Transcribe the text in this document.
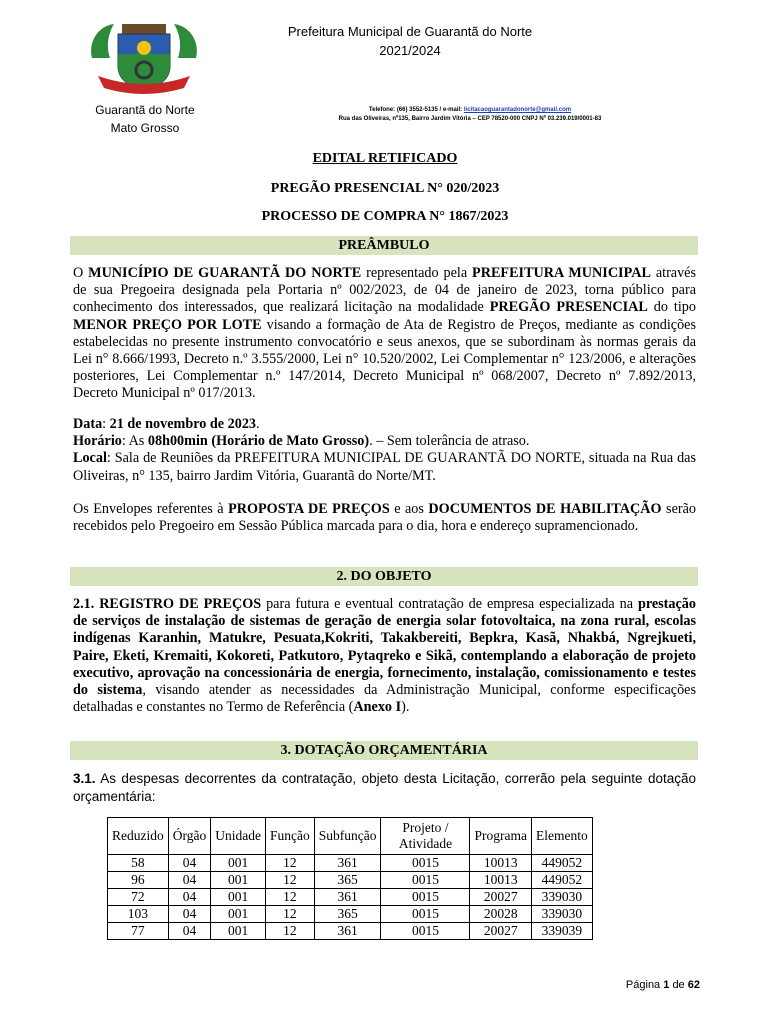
Prefeitura Municipal de Guarantã do Norte
2021/2024
Guarantã do Norte
Mato Grosso
Telefone: (66) 3552-5135 / e-mail: licitacaoguarantadonorte@gmail.com
Rua das Oliveiras, nº135, Bairro Jardim Vitória – CEP 78520-000 CNPJ Nº 03.239.019/0001-83
EDITAL RETIFICADO
PREGÃO PRESENCIAL N° 020/2023
PROCESSO DE COMPRA N° 1867/2023
PREÂMBULO
O MUNICÍPIO DE GUARANTÃ DO NORTE representado pela PREFEITURA MUNICIPAL através de sua Pregoeira designada pela Portaria nº 002/2023, de 04 de janeiro de 2023, torna público para conhecimento dos interessados, que realizará licitação na modalidade PREGÃO PRESENCIAL do tipo MENOR PREÇO POR LOTE visando a formação de Ata de Registro de Preços, mediante as condições estabelecidas no presente instrumento convocatório e seus anexos, que se subordinam às normas gerais da Lei n° 8.666/1993, Decreto n.º 3.555/2000, Lei n° 10.520/2002, Lei Complementar n° 123/2006, e alterações posteriores, Lei Complementar n.º 147/2014, Decreto Municipal nº 068/2007, Decreto nº 7.892/2013, Decreto Municipal nº 017/2013.
Data: 21 de novembro de 2023.
Horário: As 08h00min (Horário de Mato Grosso). – Sem tolerância de atraso.
Local: Sala de Reuniões da PREFEITURA MUNICIPAL DE GUARANTÃ DO NORTE, situada na Rua das Oliveiras, n° 135, bairro Jardim Vitória, Guarantã do Norte/MT.
Os Envelopes referentes à PROPOSTA DE PREÇOS e aos DOCUMENTOS DE HABILITAÇÃO serão recebidos pelo Pregoeiro em Sessão Pública marcada para o dia, hora e endereço supramencionado.
2. DO OBJETO
2.1. REGISTRO DE PREÇOS para futura e eventual contratação de empresa especializada na prestação de serviços de instalação de sistemas de geração de energia solar fotovoltaica, na zona rural, escolas indígenas Karanhin, Matukre, Pesuata,Kokriti, Takakbereiti, Bepkra, Kasã, Nhakbá, Ngrejkueti, Paire, Eketi, Kremaiti, Kokoreti, Patkutoro, Pytaqreko e Sikã, contemplando a elaboração de projeto executivo, aprovação na concessionária de energia, fornecimento, instalação, comissionamento e testes do sistema, visando atender as necessidades da Administração Municipal, conforme especificações detalhadas e constantes no Termo de Referência (Anexo I).
3. DOTAÇÃO ORÇAMENTÁRIA
3.1. As despesas decorrentes da contratação, objeto desta Licitação, correrão pela seguinte dotação orçamentária:
Reduzido	Órgão	Unidade	Função	Subfunção	Projeto / Atividade	Programa	Elemento
58	04	001	12	361	0015	10013	449052
96	04	001	12	365	0015	10013	449052
72	04	001	12	361	0015	20027	339030
103	04	001	12	365	0015	20028	339030
77	04	001	12	361	0015	20027	339039
Página 1 de 62
